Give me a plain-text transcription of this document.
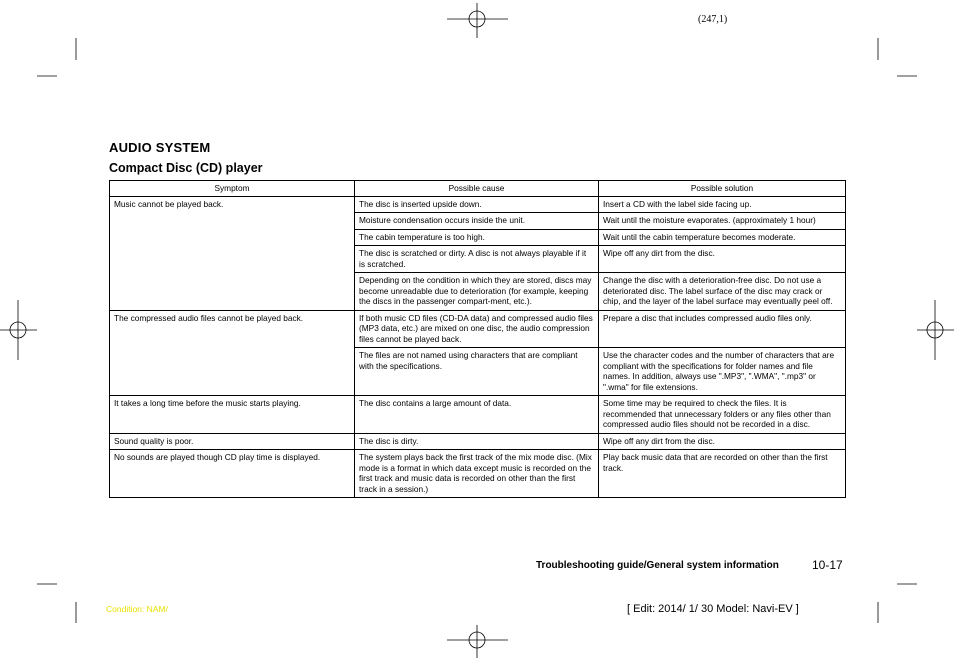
(247,1)
AUDIO SYSTEM
Compact Disc (CD) player
Symptom	Possible cause	Possible solution
Music cannot be played back.	The disc is inserted upside down.	Insert a CD with the label side facing up.
	Moisture condensation occurs inside the unit.	Wait until the moisture evaporates. (approximately 1 hour)
	The cabin temperature is too high.	Wait until the cabin temperature becomes moderate.
	The disc is scratched or dirty. A disc is not always playable if it is scratched.	Wipe off any dirt from the disc.
	Depending on the condition in which they are stored, discs may become unreadable due to deterioration (for example, keeping the discs in the passenger compart-ment, etc.).	Change the disc with a deterioration-free disc. Do not use a deteriorated disc. The label surface of the disc may crack or chip, and the layer of the label surface may eventually peel off.
The compressed audio files cannot be played back.	If both music CD files (CD-DA data) and compressed audio files (MP3 data, etc.) are mixed on one disc, the audio compression files cannot be played back.	Prepare a disc that includes compressed audio files only.
	The files are not named using characters that are compliant with the specifications.	Use the character codes and the number of characters that are compliant with the specifications for folder names and file names. In addition, always use ".MP3", ".WMA", ".mp3" or ".wma" for file extensions.
It takes a long time before the music starts playing.	The disc contains a large amount of data.	Some time may be required to check the files. It is recommended that unnecessary folders or any files other than compressed audio files should not be recorded in a disc.
Sound quality is poor.	The disc is dirty.	Wipe off any dirt from the disc.
No sounds are played though CD play time is displayed.	The system plays back the first track of the mix mode disc. (Mix mode is a format in which data except music is recorded on the first track and music data is recorded on other than the first track in a session.)	Play back music data that are recorded on other than the first track.
Troubleshooting guide/General system information	10-17
Condition: NAM/	[ Edit: 2014/ 1/ 30 Model: Navi-EV ]
